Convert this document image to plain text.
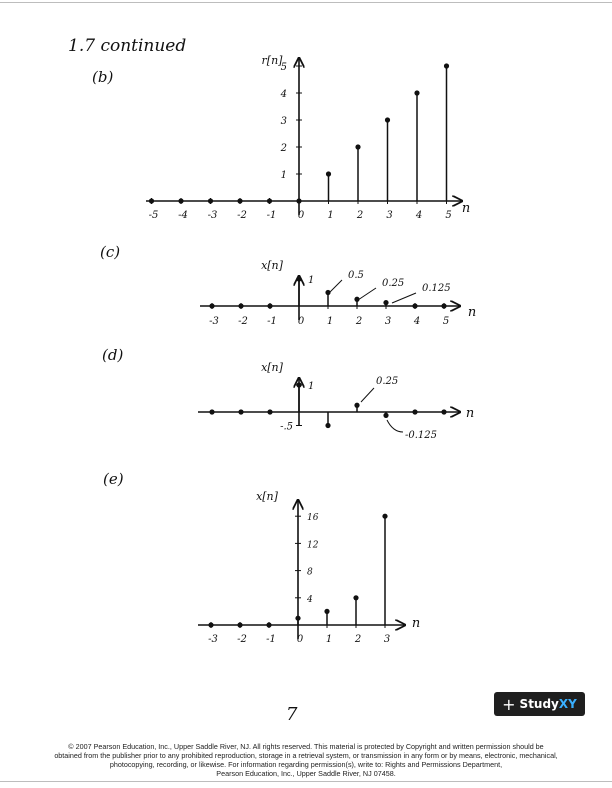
1.7 continued
(b)
r[n]
n
-5 -4 -3 -2 -1 0 1 2 3 4 5
1
2
3
4
5
(c)
x[n]
n
-3 -2 -1 0 1 2 3 4 5
1	0.5
0.25 0.125
(d)
x[n]
n
1
-.5
0.25
-0.125
(e)
x[n]
n
-3 -2 -1 0 1 2 3
4
8
12
16
7	+ Study XY
© 2007 Pearson Education, Inc., Upper Saddle River, NJ. All rights reserved. This material is protected by Copyright and written permission should be
obtained from the publisher prior to any prohibited reproduction, storage in a retrieval system, or transmission in any form or by means, electronic, mechanical,
photocopying, recording, or likewise. For information regarding permission(s), write to: Rights and Permissions Department,
Pearson Education, Inc., Upper Saddle River, NJ 07458.
